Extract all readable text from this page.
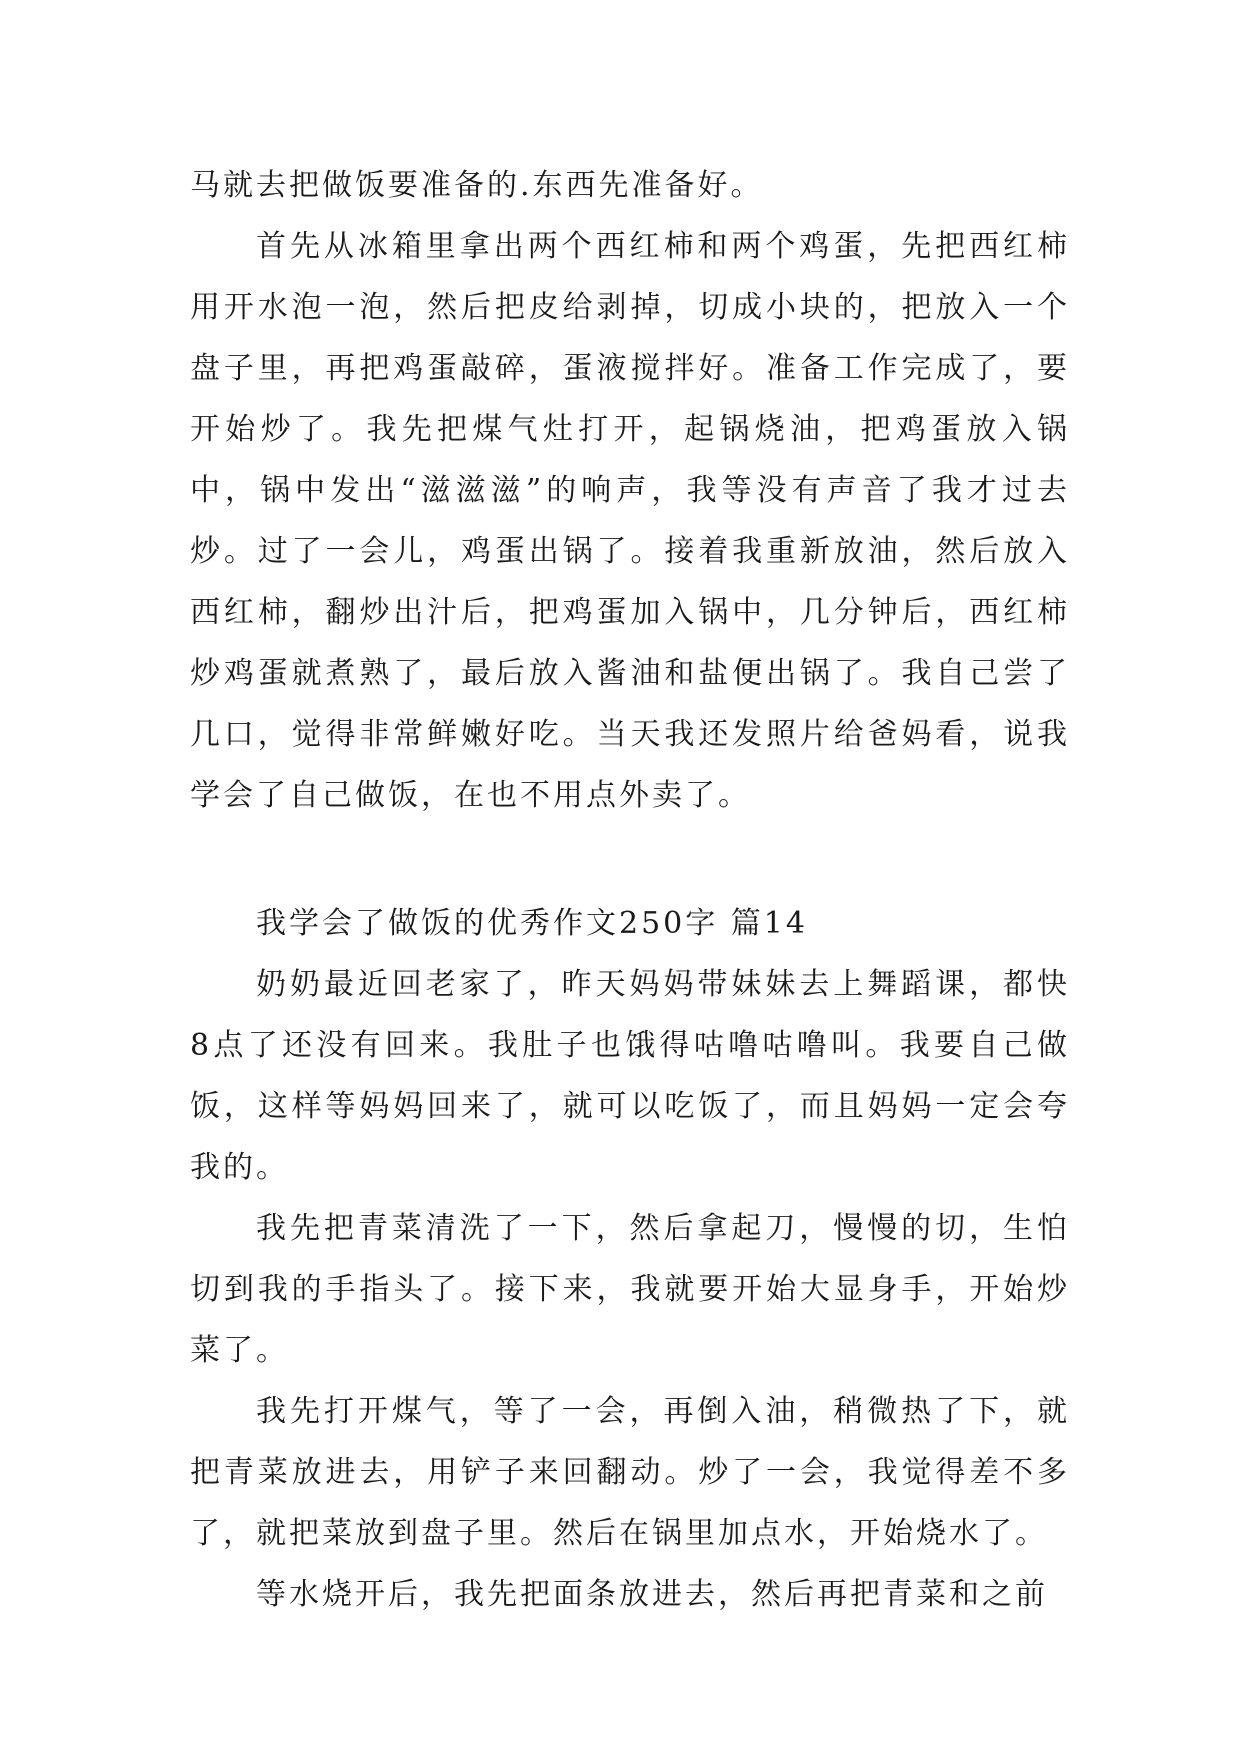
马就去把做饭要准备的.东西先准备好。

首先从冰箱里拿出两个西红柿和两个鸡蛋，先把西红柿用开水泡一泡，然后把皮给剥掉，切成小块的，把放入一个盘子里，再把鸡蛋敲碎，蛋液搅拌好。准备工作完成了，要开始炒了。我先把煤气灶打开，起锅烧油，把鸡蛋放入锅中，锅中发出“滋滋滋”的响声，我等没有声音了我才过去炒。过了一会儿，鸡蛋出锅了。接着我重新放油，然后放入西红柿，翻炒出汁后，把鸡蛋加入锅中，几分钟后，西红柿炒鸡蛋就煮熟了，最后放入酱油和盐便出锅了。我自己尝了几口，觉得非常鲜嫩好吃。当天我还发照片给爸妈看，说我学会了自己做饭，在也不用点外卖了。

我学会了做饭的优秀作文250字 篇14

奶奶最近回老家了，昨天妈妈带妹妹去上舞蹈课，都快8点了还没有回来。我肚子也饿得咕噜咕噜叫。我要自己做饭，这样等妈妈回来了，就可以吃饭了，而且妈妈一定会夸我的。

我先把青菜清洗了一下，然后拿起刀，慢慢的切，生怕切到我的手指头了。接下来，我就要开始大显身手，开始炒菜了。

我先打开煤气，等了一会，再倒入油，稍微热了下，就把青菜放进去，用铲子来回翻动。炒了一会，我觉得差不多了，就把菜放到盘子里。然后在锅里加点水，开始烧水了。

等水烧开后，我先把面条放进去，然后再把青菜和之前
